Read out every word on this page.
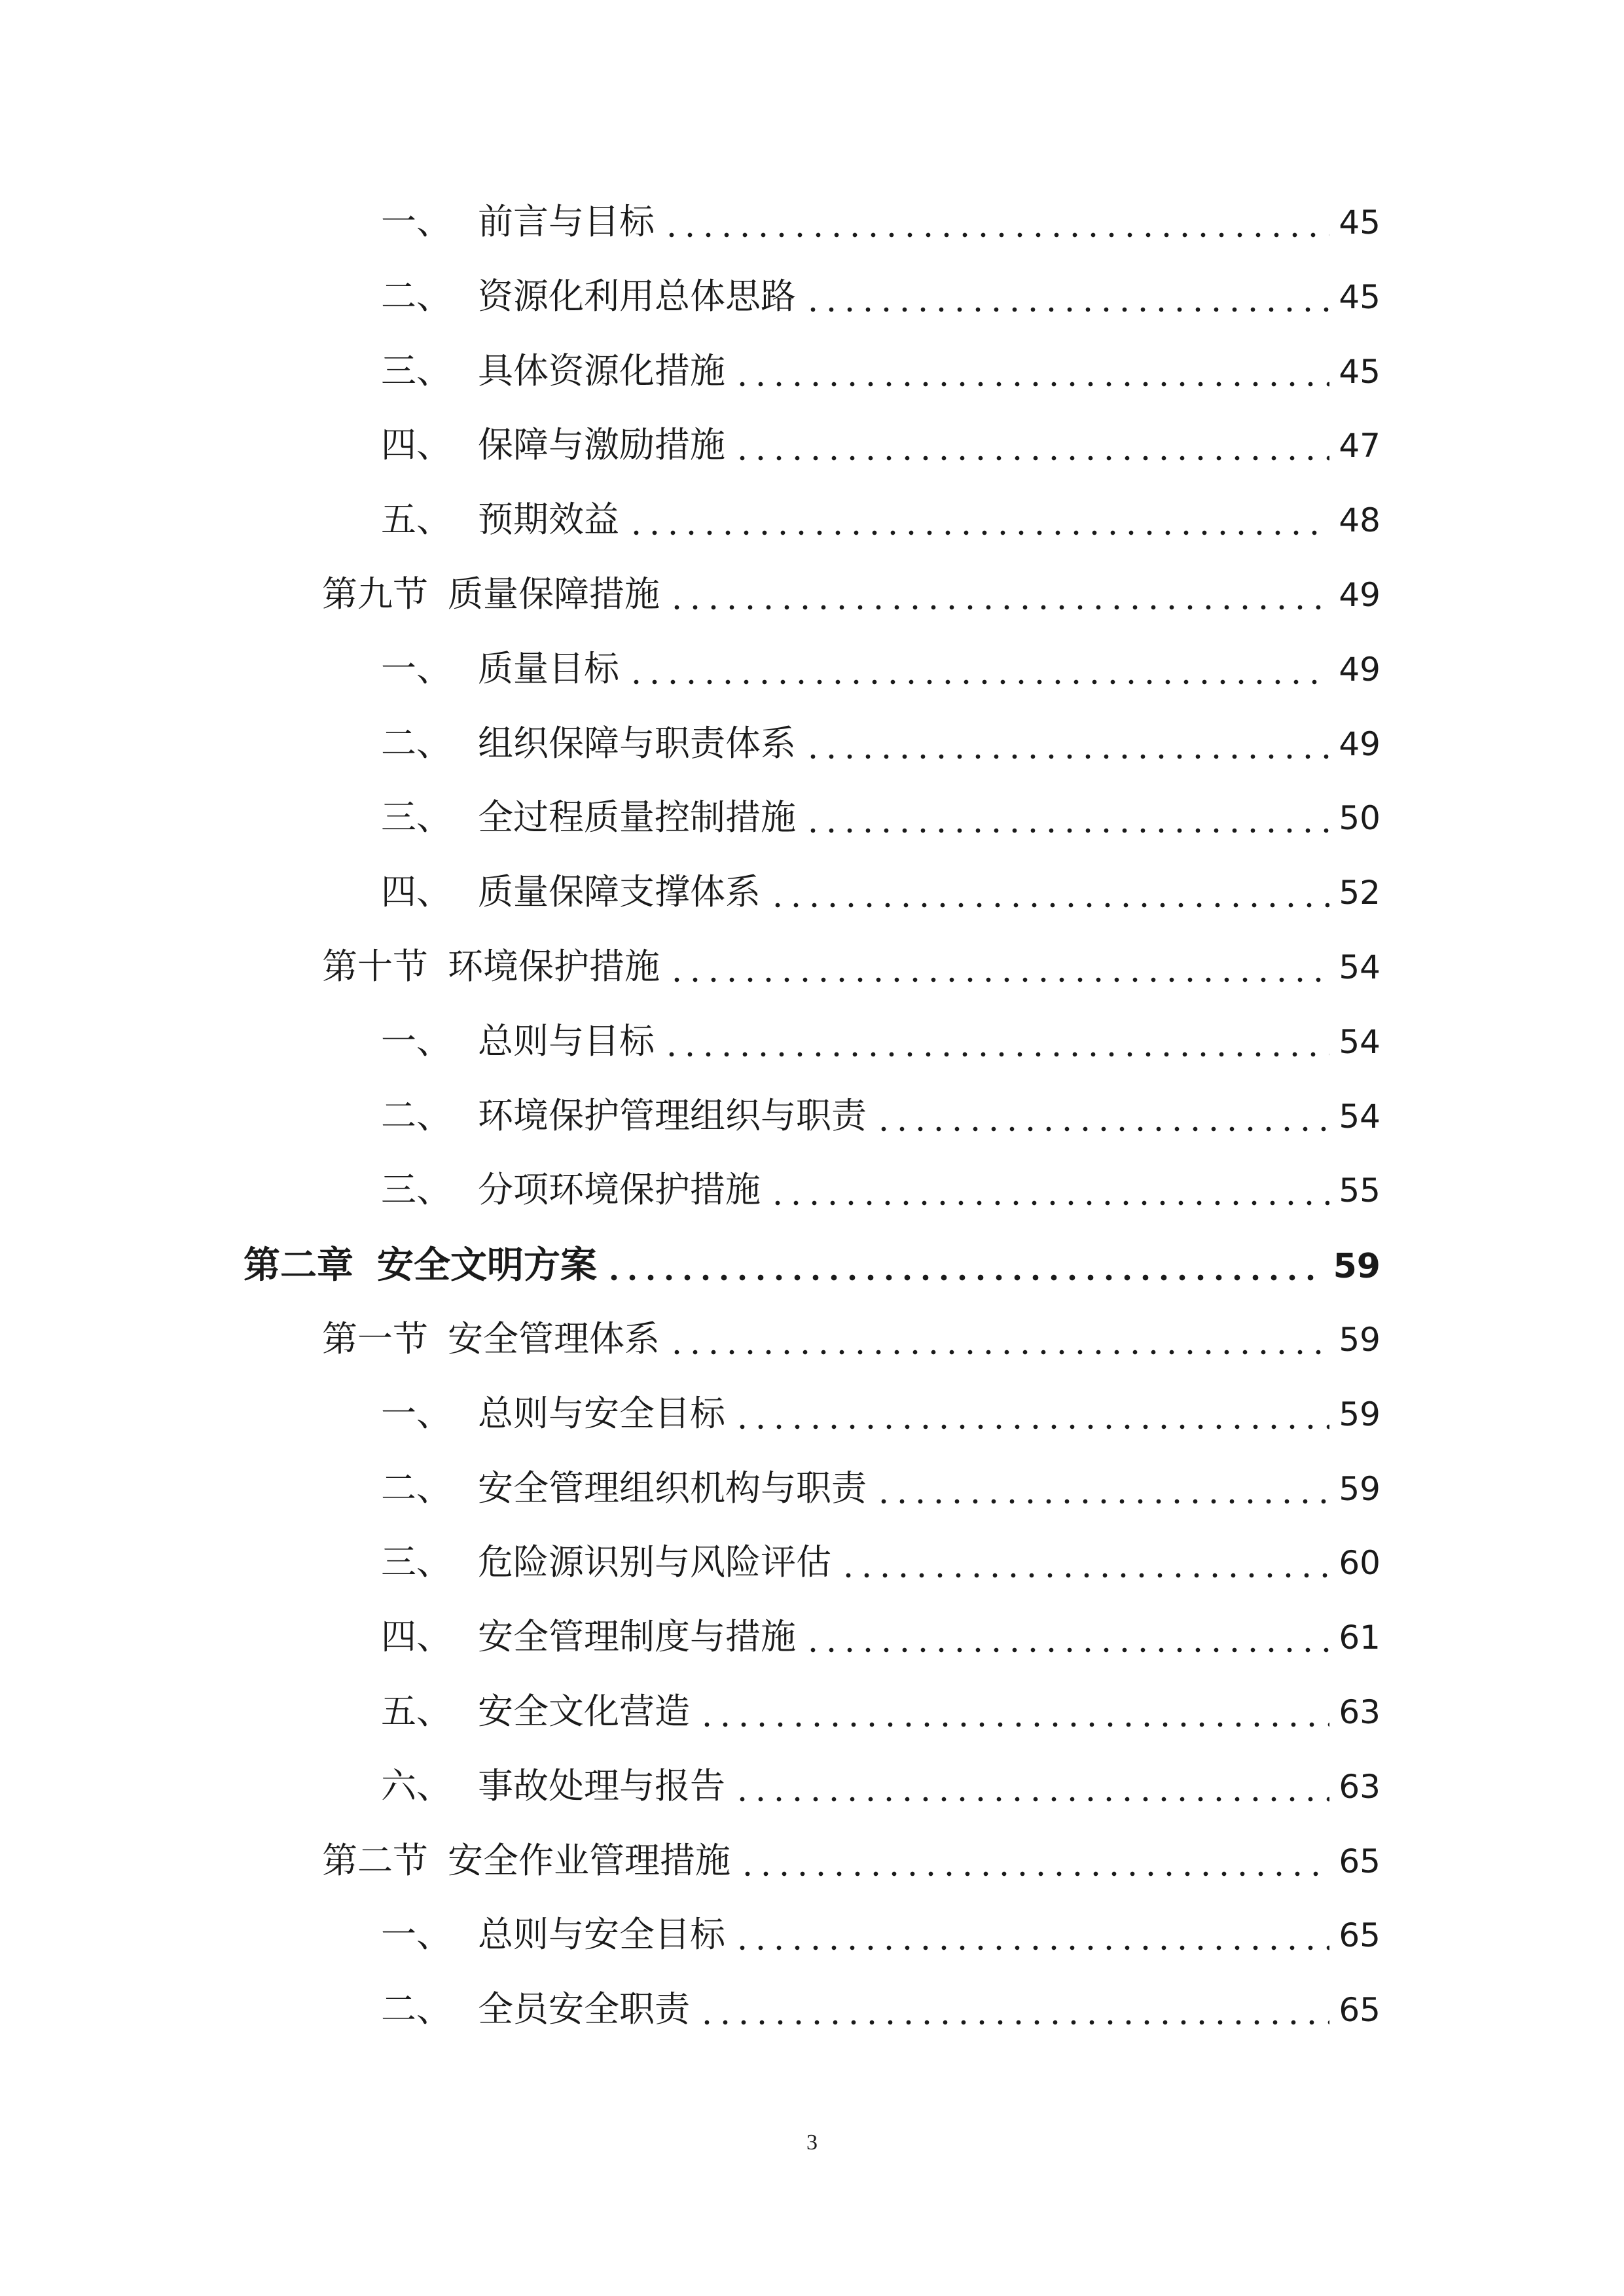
一、 前言与目标	45
二、 资源化利用总体思路	45
三、 具体资源化措施	45
四、 保障与激励措施	47
五、 预期效益	48
第九节 质量保障措施	49
一、 质量目标	49
二、 组织保障与职责体系	49
三、 全过程质量控制措施	50
四、 质量保障支撑体系	52
第十节 环境保护措施	54
一、 总则与目标	54
二、 环境保护管理组织与职责	54
三、 分项环境保护措施	55
第二章 安全文明方案	59
第一节 安全管理体系	59
一、 总则与安全目标	59
二、 安全管理组织机构与职责	59
三、 危险源识别与风险评估	60
四、 安全管理制度与措施	61
五、 安全文化营造	63
六、 事故处理与报告	63
第二节 安全作业管理措施	65
一、 总则与安全目标	65
二、 全员安全职责	65
3
